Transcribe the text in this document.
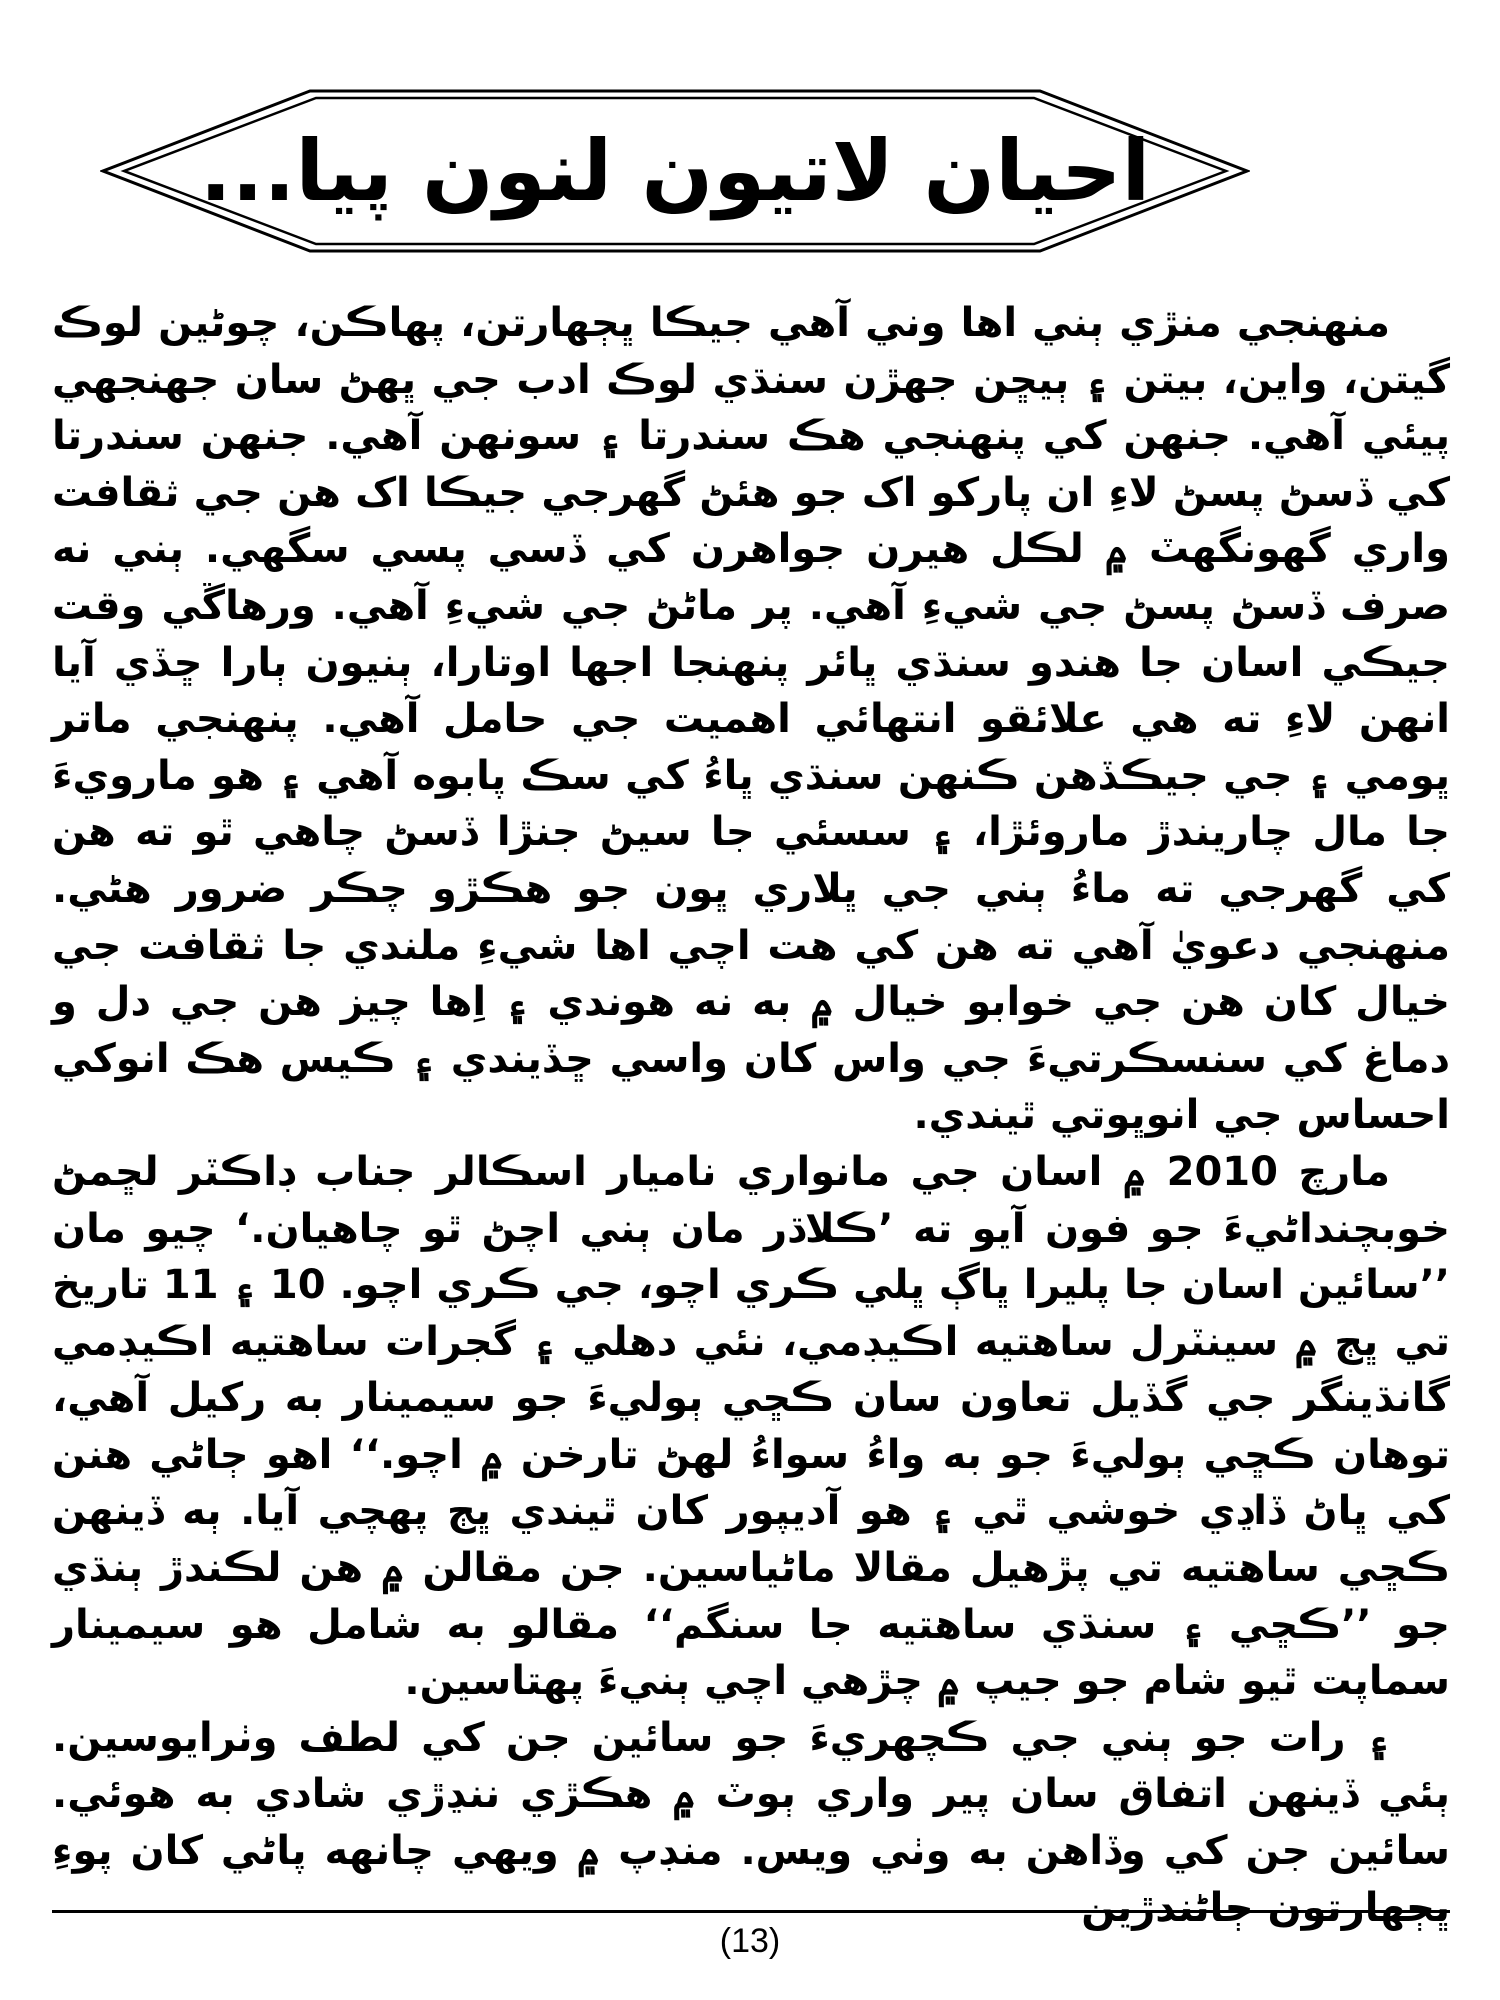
احيان لاتيون لنون پيا...

منهنجي منڙي ٻني اها وني آهي جيڪا ڀڄهارتن، پهاڪن، چوڻين لوڪ گيتن، واين، بيتن ۽ ٻيڇن جهڙن سنڌي لوڪ ادب جي ڀهڻ سان جهنجهي پيئي آهي. جنهن کي پنهنجي هڪ سندرتا ۽ سونهن آهي. جنهن سندرتا کي ڏسڻ پسڻ لاءِ ان پارکو اک جو هئڻ گهرجي جيڪا اک هن جي ثقافت واري گهونگهٽ ۾ لڪل هيرن جواهرن کي ڏسي پسي سگهي. ٻني نه صرف ڏسڻ پسڻ جي شيءِ آهي. پر ماڻڻ جي شيءِ آهي. ورهاڱي وقت جيڪي اسان جا هندو سنڌي ڀائر پنهنجا اجها اوتارا، ٻنيون ٻارا ڇڏي آيا انهن لاءِ ته هي علائقو انتهائي اهميت جي حامل آهي. پنهنجي ماتر ڀومي ۽ جي جيڪڏهن ڪنهن سنڌي ڀاءُ کي سڪ پابوه آهي ۽ هو مارويءَ جا مال چاريندڙ ماروئڙا، ۽ سسئي جا سيڻ جنڙا ڏسڻ چاهي ٿو ته هن کي گهرجي ته ماءُ ٻني جي ڀلاري ڀون جو هڪڙو چڪر ضرور هڻي. منهنجي دعويٰ آهي ته هن کي هت اچي اها شيءِ ملندي جا ثقافت جي خيال کان هن جي خوابو خيال ۾ به نه هوندي ۽ اِها چيز هن جي دل و دماغ کي سنسڪرتيءَ جي واس کان واسي ڇڏيندي ۽ ڪيس هڪ انوکي احساس جي انوڀوتي ٿيندي.

مارچ 2010 ۾ اسان جي مانواري ناميار اسڪالر جناب ڊاڪٽر لڇمڻ خوبچنداڻيءَ جو فون آيو ته ’ڪلاڌر مان ٻني اچڻ ٿو چاهيان.‘ چيو مان ’’سائين اسان جا پليرا ڀاڳ ڀلي ڪري اچو، جي ڪري اچو. 10 ۽ 11 تاريخ تي ڀڄ ۾ سينٽرل ساهتيه اڪيڊمي، نئي دهلي ۽ گجرات ساهتيه اڪيڊمي گانڌينگر جي گڏيل تعاون سان ڪڇي ٻوليءَ جو سيمينار به رکيل آهي، توهان ڪڇي ٻوليءَ جو به واءُ سواءُ لهڻ تارخن ۾ اچو.‘‘ اهو ڄاڻي هنن کي ڀاڻ ڏاڍي خوشي ٿي ۽ هو آديپور کان ٿيندي ڀڄ پهچي آيا. ٻه ڏينهن ڪڇي ساهتيه تي پڙهيل مقالا ماڻياسين. جن مقالن ۾ هن لڪندڙ ٻنڌي جو ’’ڪڇي ۽ سنڌي ساهتيه جا سنگم‘‘ مقالو به شامل هو سيمينار سماپت ٿيو شام جو جيپ ۾ چڙهي اچي ٻنيءَ پهتاسين.

۽ رات جو ٻني جي ڪچهريءَ جو سائين جن کي لطف وٺرايوسين. ٻئي ڏينهن اتفاق سان پير واري ٻوٽ ۾ هڪڙي ننڍڙي شادي به هوئي. سائين جن کي وڏاهن به وٺي ويس. منڊپ ۾ ويهي چانهه پاڻي کان پوءِ ڀڄهارتون ڄاڻندڙين

(13)
